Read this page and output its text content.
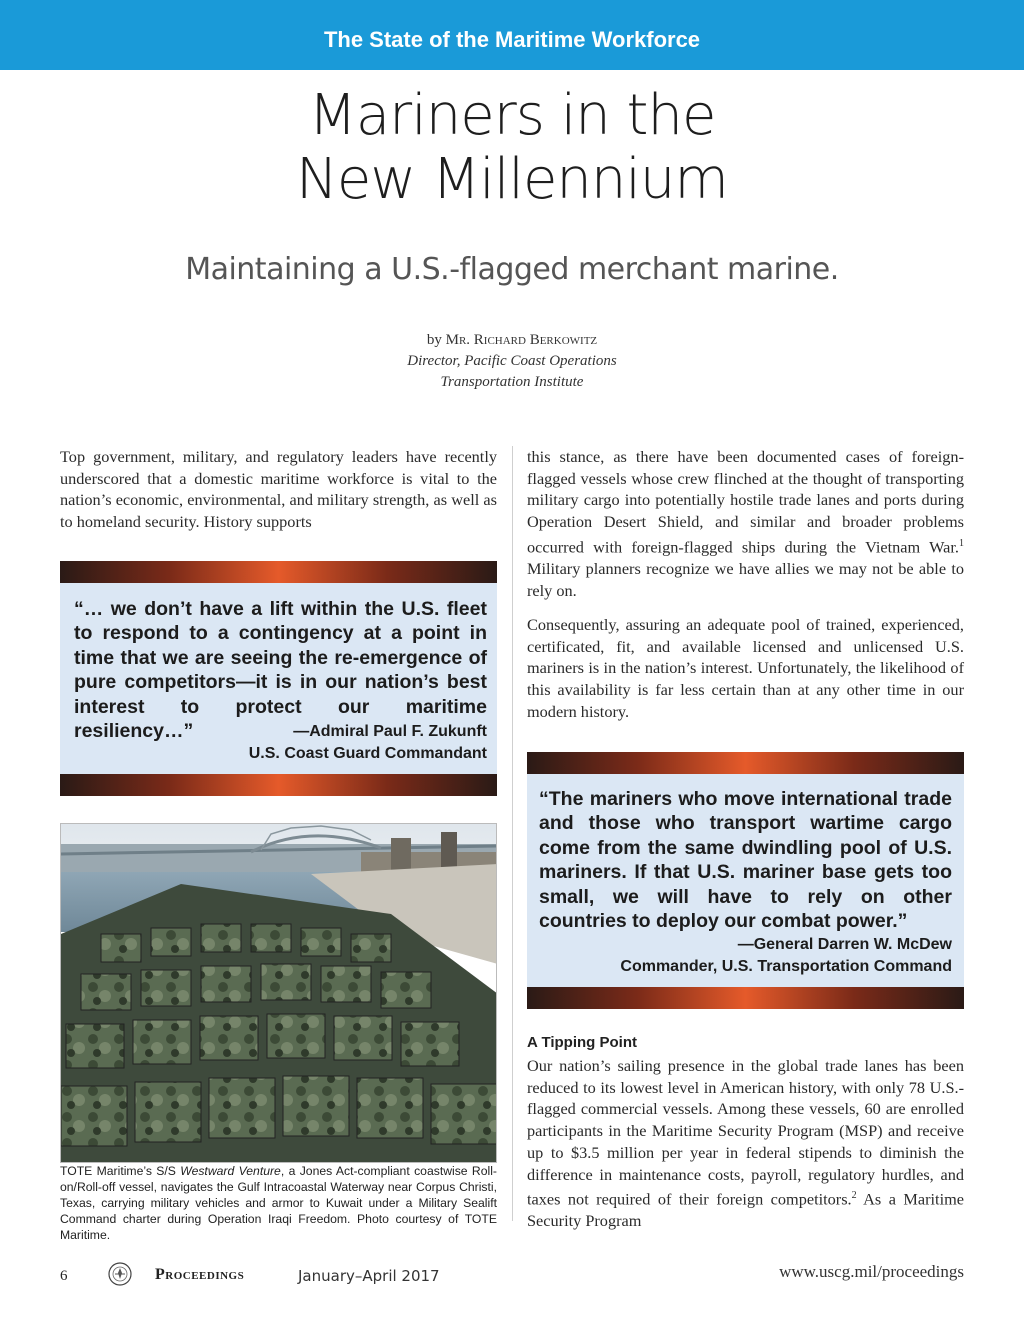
The State of the Maritime Workforce
Mariners in the
New Millennium
Maintaining a U.S.-flagged merchant marine.
by Mr. Richard Berkowitz
Director, Pacific Coast Operations
Transportation Institute
Top government, military, and regulatory leaders have recently underscored that a domestic maritime workforce is vital to the nation’s economic, environmental, and military strength, as well as to homeland security. History supports
“… we don’t have a lift within the U.S. fleet to respond to a contingency at a point in time that we are seeing the re-emergence of pure competitors—it is in our nation’s best interest to protect our maritime resiliency…”	—Admiral Paul F. Zukunft
U.S. Coast Guard Commandant
TOTE Maritime’s S/S Westward Venture, a Jones Act-compliant coastwise Roll-on/Roll-off vessel, navigates the Gulf Intracoastal Waterway near Corpus Christi, Texas, carrying military vehicles and armor to Kuwait under a Military Sealift Command charter during Operation Iraqi Freedom. Photo courtesy of TOTE Maritime.
this stance, as there have been documented cases of foreign-flagged vessels whose crew flinched at the thought of transporting military cargo into potentially hostile trade lanes and ports during Operation Desert Shield, and similar and broader problems occurred with foreign-flagged ships during the Vietnam War.$^1$ Military planners recognize we have allies we may not be able to rely on.
Consequently, assuring an adequate pool of trained, experienced, certificated, fit, and available licensed and unlicensed U.S. mariners is in the nation’s interest. Unfortunately, the likelihood of this availability is far less certain than at any other time in our modern history.
“The mariners who move international trade and those who transport wartime cargo come from the same dwindling pool of U.S. mariners. If that U.S. mariner base gets too small, we will have to rely on other countries to deploy our combat power.”
—General Darren W. McDew
Commander, U.S. Transportation Command
A Tipping Point
Our nation’s sailing presence in the global trade lanes has been reduced to its lowest level in American history, with only 78 U.S.-flagged commercial vessels. Among these vessels, 60 are enrolled participants in the Maritime Security Program (MSP) and receive up to $3.5 million per year in federal stipends to diminish the difference in maintenance costs, payroll, regulatory hurdles, and taxes not required of their foreign competitors.$^2$ As a Maritime Security Program
6	Proceedings	January–April 2017	www.uscg.mil/proceedings
